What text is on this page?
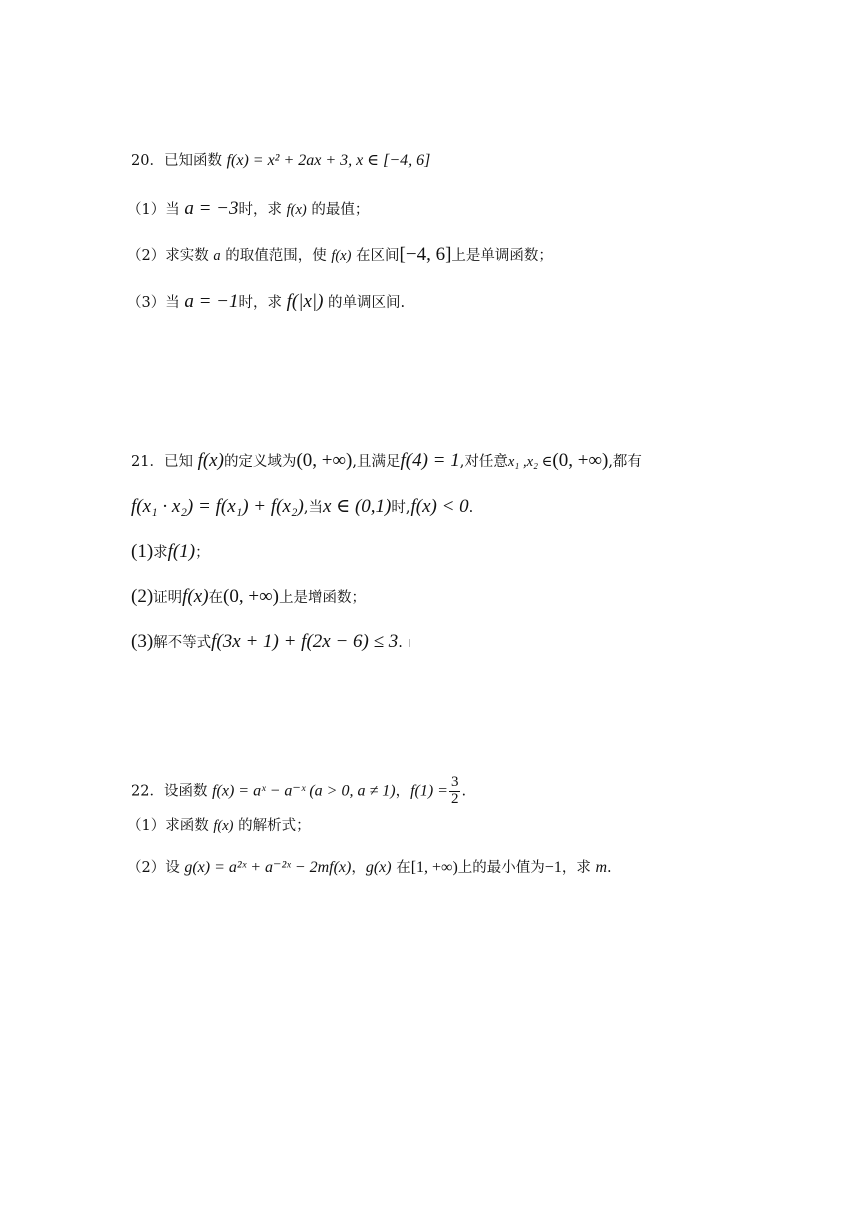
20．已知函数 f(x) = x² + 2ax + 3, x ∈ [−4, 6]
（1）当 a = −3时，求 f(x) 的最值；
（2）求实数 a 的取值范围，使 f(x) 在区间[−4, 6]上是单调函数；
（3）当 a = −1时，求 f(|x|) 的单调区间.
21．已知 f(x)的定义域为(0, +∞),且满足f(4) = 1,对任意x₁ ,x₂ ∈(0, +∞),都有
f(x₁ · x₂) = f(x₁) + f(x₂),当x ∈ (0,1)时,f(x) < 0.
(1)求f(1)；
(2)证明f(x)在(0, +∞)上是增函数；
(3)解不等式f(3x + 1) + f(2x − 6) ≤ 3.
22．设函数 f(x) = aˣ − a⁻ˣ (a > 0, a ≠ 1)，$f(1) = \frac{3}{2}$ .
（1）求函数 f(x) 的解析式；
（2）设 g(x) = a²ˣ + a⁻²ˣ − 2mf(x)，g(x) 在[1, +∞)上的最小值为−1，求 m.
